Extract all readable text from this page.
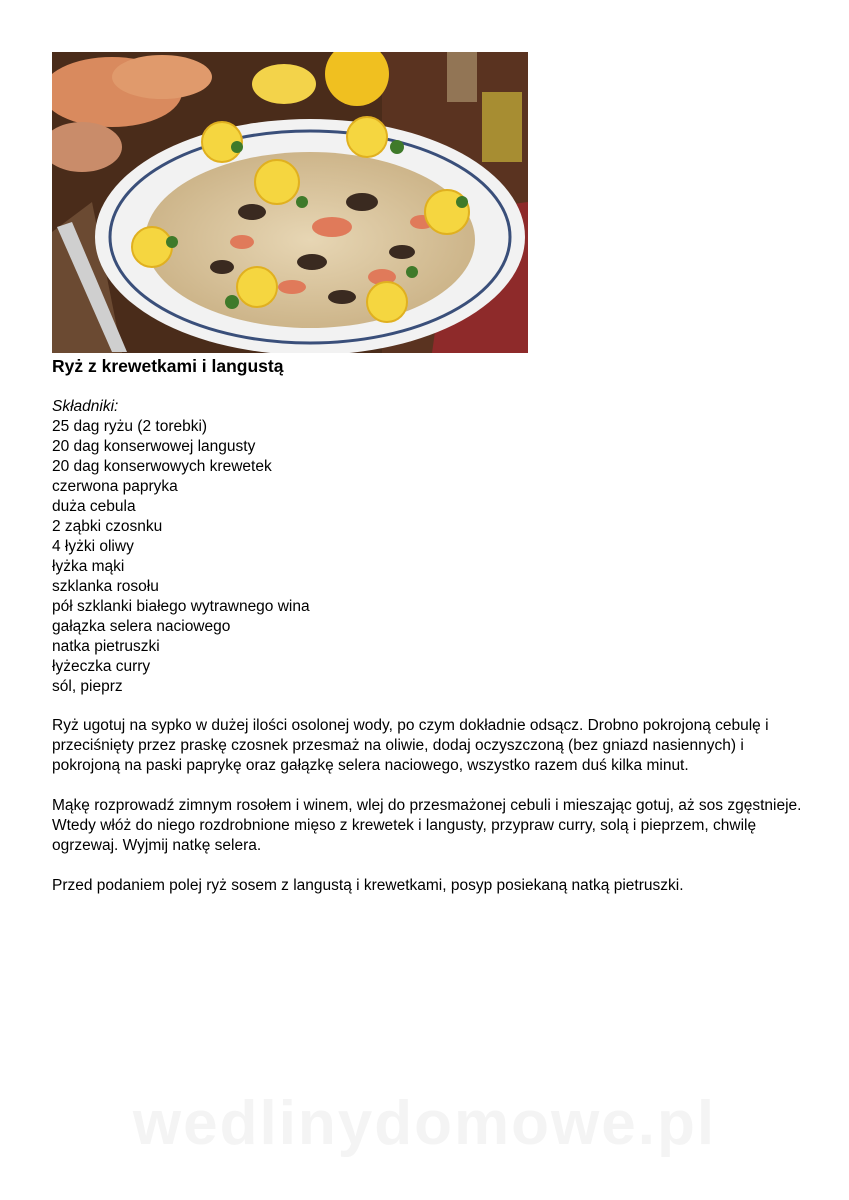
Ryż z krewetkami i langustą
Składniki:
25 dag ryżu (2 torebki)
20 dag konserwowej langusty
20 dag konserwowych krewetek
czerwona papryka
duża cebula
2 ząbki czosnku
4 łyżki oliwy
łyżka mąki
szklanka rosołu
pół szklanki białego wytrawnego wina
gałązka selera naciowego
natka pietruszki
łyżeczka curry
sól, pieprz

Ryż ugotuj na sypko w dużej ilości osolonej wody, po czym dokładnie odsącz. Drobno pokrojoną cebulę i przeciśnięty przez praskę czosnek przesmaż na oliwie, dodaj oczyszczoną (bez gniazd nasiennych) i pokrojoną na paski paprykę oraz gałązkę selera naciowego, wszystko razem duś kilka minut.

Mąkę rozprowadź zimnym rosołem i winem, wlej do przesmażonej cebuli i mieszając gotuj, aż sos zgęstnieje. Wtedy włóż do niego rozdrobnione mięso z krewetek i langusty, przypraw curry, solą i pieprzem, chwilę ogrzewaj. Wyjmij natkę selera.

Przed podaniem polej ryż sosem z langustą i krewetkami, posyp posiekaną natką pietruszki.

wedlinydomowe.pl
